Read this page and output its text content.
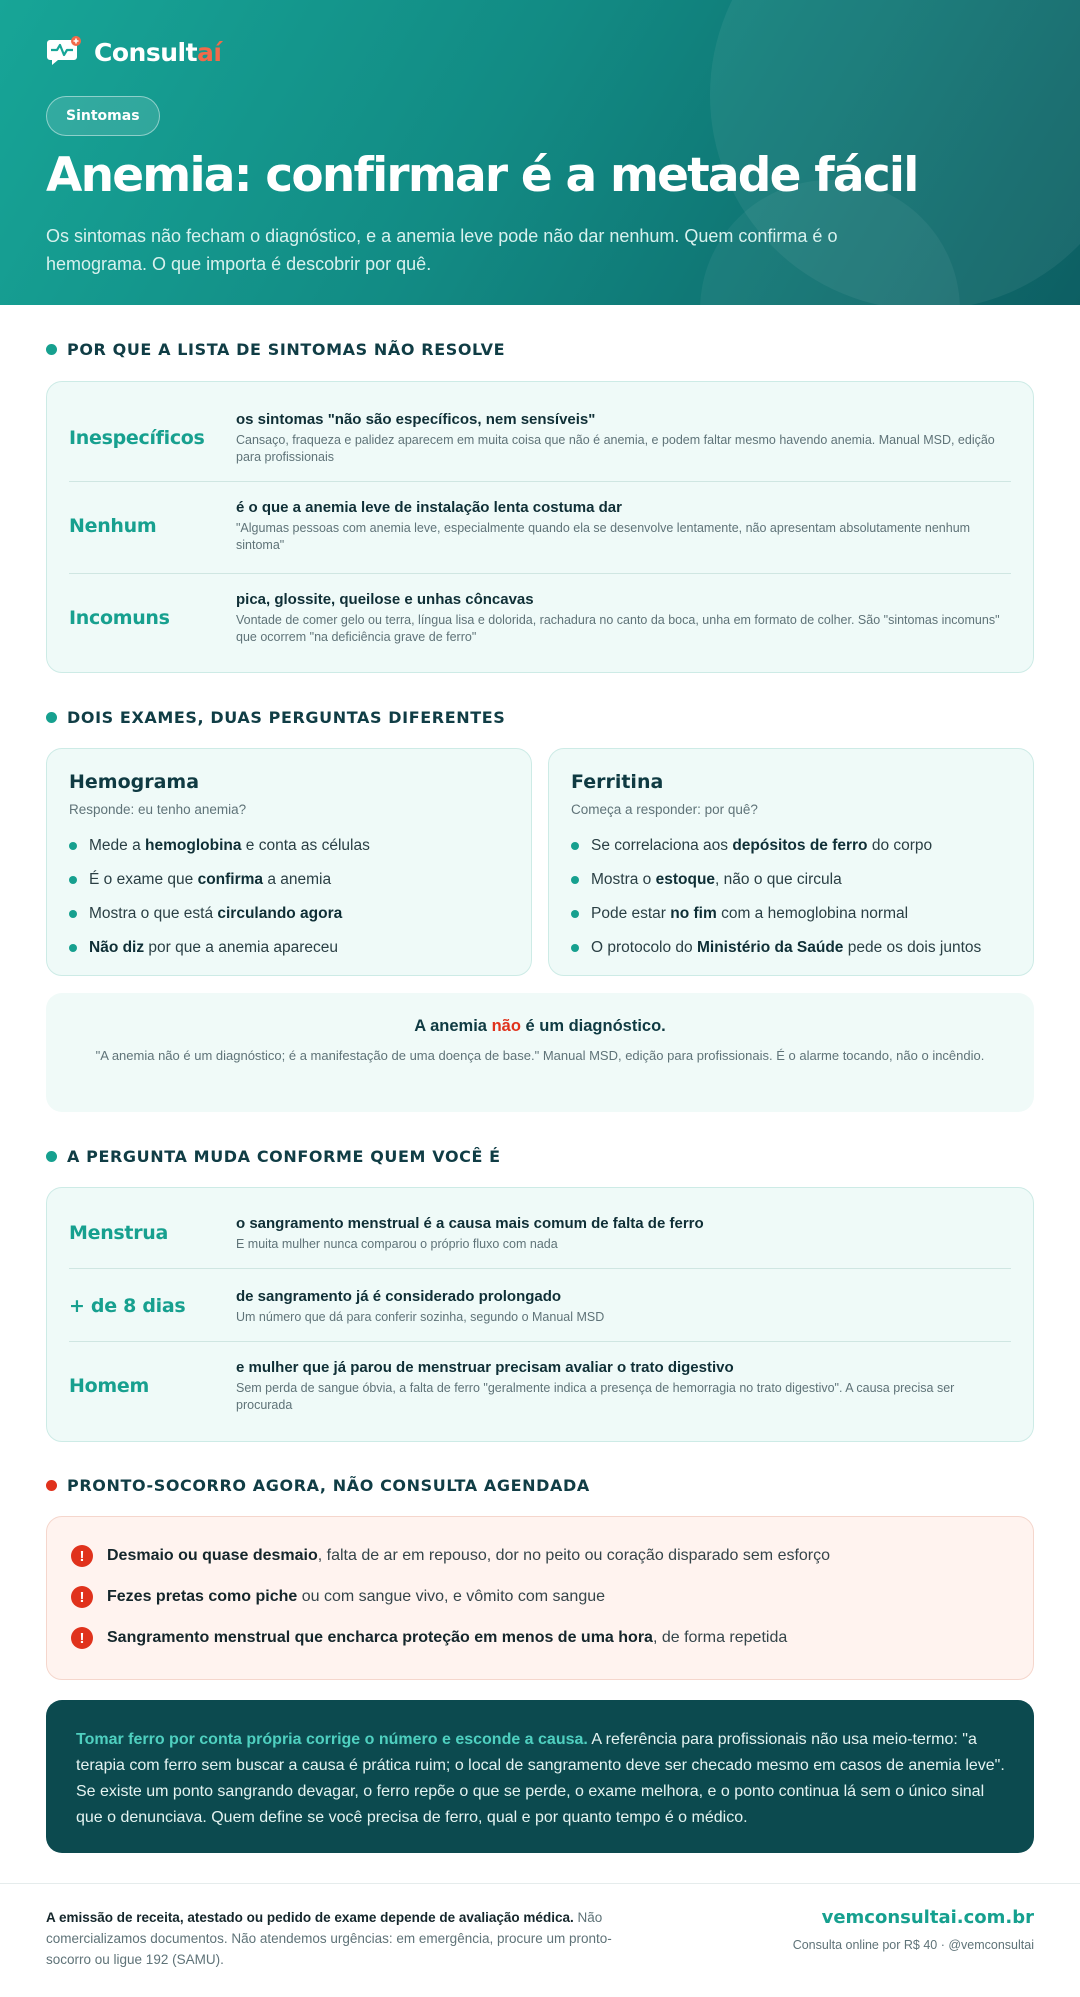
Consultaí
Sintomas
Anemia: confirmar é a metade fácil

Os sintomas não fecham o diagnóstico, e a anemia leve pode não dar nenhum. Quem confirma é o hemograma. O que importa é descobrir por quê.

POR QUE A LISTA DE SINTOMAS NÃO RESOLVE
Inespecíficos
os sintomas "não são específicos, nem sensíveis"
Cansaço, fraqueza e palidez aparecem em muita coisa que não é anemia, e podem faltar mesmo havendo anemia. Manual MSD, edição para profissionais
Nenhum
é o que a anemia leve de instalação lenta costuma dar
"Algumas pessoas com anemia leve, especialmente quando ela se desenvolve lentamente, não apresentam absolutamente nenhum sintoma"
Incomuns
pica, glossite, queilose e unhas côncavas
Vontade de comer gelo ou terra, língua lisa e dolorida, rachadura no canto da boca, unha em formato de colher. São "sintomas incomuns" que ocorrem "na deficiência grave de ferro"
DOIS EXAMES, DUAS PERGUNTAS DIFERENTES
Hemograma
Responde: eu tenho anemia?
Mede a hemoglobina e conta as células
É o exame que confirma a anemia
Mostra o que está circulando agora
Não diz por que a anemia apareceu
Ferritina
Começa a responder: por quê?
Se correlaciona aos depósitos de ferro do corpo
Mostra o estoque, não o que circula
Pode estar no fim com a hemoglobina normal
O protocolo do Ministério da Saúde pede os dois juntos
A anemia não é um diagnóstico.
"A anemia não é um diagnóstico; é a manifestação de uma doença de base." Manual MSD, edição para profissionais. É o alarme tocando, não o incêndio.
A PERGUNTA MUDA CONFORME QUEM VOCÊ É
Menstrua	o sangramento menstrual é a causa mais comum de falta de ferro
E muita mulher nunca comparou o próprio fluxo com nada
+ de 8 dias	de sangramento já é considerado prolongado
Um número que dá para conferir sozinha, segundo o Manual MSD
Homem
e mulher que já parou de menstruar precisam avaliar o trato digestivo
Sem perda de sangue óbvia, a falta de ferro "geralmente indica a presença de hemorragia no trato digestivo". A causa precisa ser procurada
PRONTO-SOCORRO AGORA, NÃO CONSULTA AGENDADA
!	Desmaio ou quase desmaio, falta de ar em repouso, dor no peito ou coração disparado sem esforço
!	Fezes pretas como piche ou com sangue vivo, e vômito com sangue
!	Sangramento menstrual que encharca proteção em menos de uma hora, de forma repetida

Tomar ferro por conta própria corrige o número e esconde a causa. A referência para profissionais não usa meio-termo: "a terapia com ferro sem buscar a causa é prática ruim; o local de sangramento deve ser checado mesmo em casos de anemia leve". Se existe um ponto sangrando devagar, o ferro repõe o que se perde, o exame melhora, e o ponto continua lá sem o único sinal que o denunciava. Quem define se você precisa de ferro, qual e por quanto tempo é o médico.

A emissão de receita, atestado ou pedido de exame depende de avaliação médica. Não comercializamos documentos. Não atendemos urgências: em emergência, procure um pronto-socorro ou ligue 192 (SAMU).
vemconsultai.com.br
Consulta online por R$ 40 · @vemconsultai
